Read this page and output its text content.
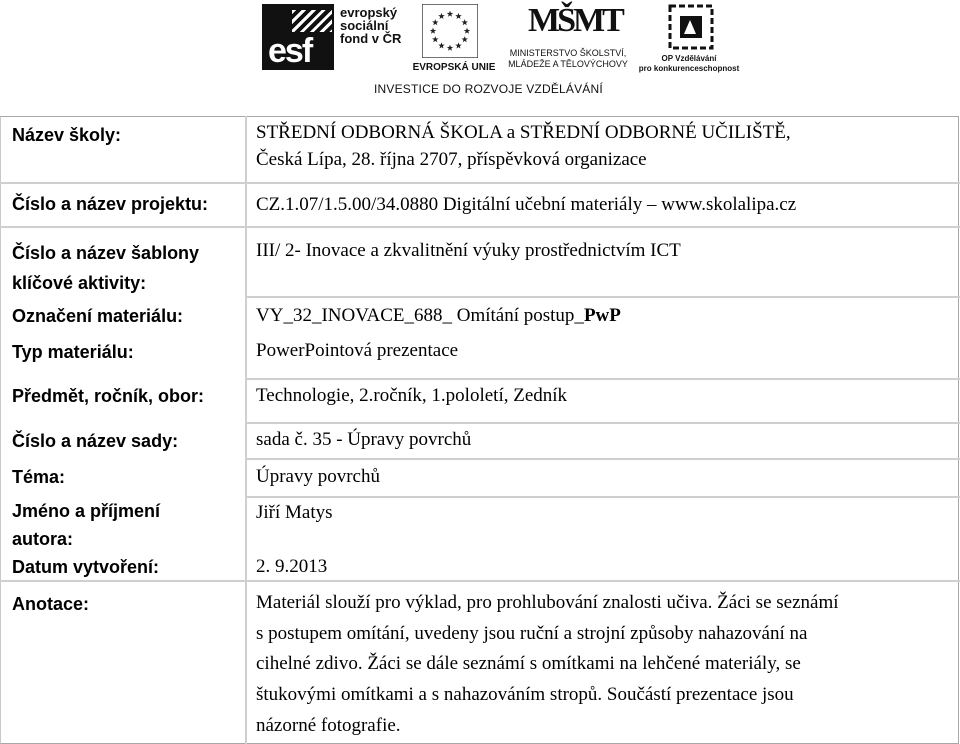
esf
evropský
sociální
fond v ČR
EVROPSKÁ UNIE
MŠMT
MINISTERSTVO ŠKOLSTVÍ,
MLÁDEŽE A TĚLOVÝCHOVY
OP Vzdělávání
pro konkurenceschopnost
INVESTICE DO ROZVOJE VZDĚLÁVÁNÍ
Název školy:
Číslo a název projektu:
Číslo a název šablony
klíčové aktivity:
Označení materiálu:
Typ materiálu:
Předmět, ročník, obor:
Číslo a název sady:
Téma:
Jméno a příjmení
autora:
Datum vytvoření:
Anotace:
STŘEDNÍ ODBORNÁ ŠKOLA a STŘEDNÍ ODBORNÉ UČILIŠTĚ,
Česká Lípa, 28. října 2707, příspěvková organizace
CZ.1.07/1.5.00/34.0880 Digitální učební materiály – www.skolalipa.cz
III/ 2- Inovace a zkvalitnění výuky prostřednictvím ICT
VY_32_INOVACE_688_ Omítání postup_PwP
PowerPointová prezentace
Technologie, 2.ročník, 1.pololetí, Zedník
sada č. 35 - Úpravy povrchů
Úpravy povrchů
Jiří Matys
2. 9.2013
Materiál slouží pro výklad, pro prohlubování znalosti učiva. Žáci se seznámí
s postupem omítání, uvedeny jsou ruční a strojní způsoby nahazování na
cihelné zdivo. Žáci se dále seznámí s omítkami na lehčené materiály, se
štukovými omítkami a s nahazováním stropů. Součástí prezentace jsou
názorné fotografie.
